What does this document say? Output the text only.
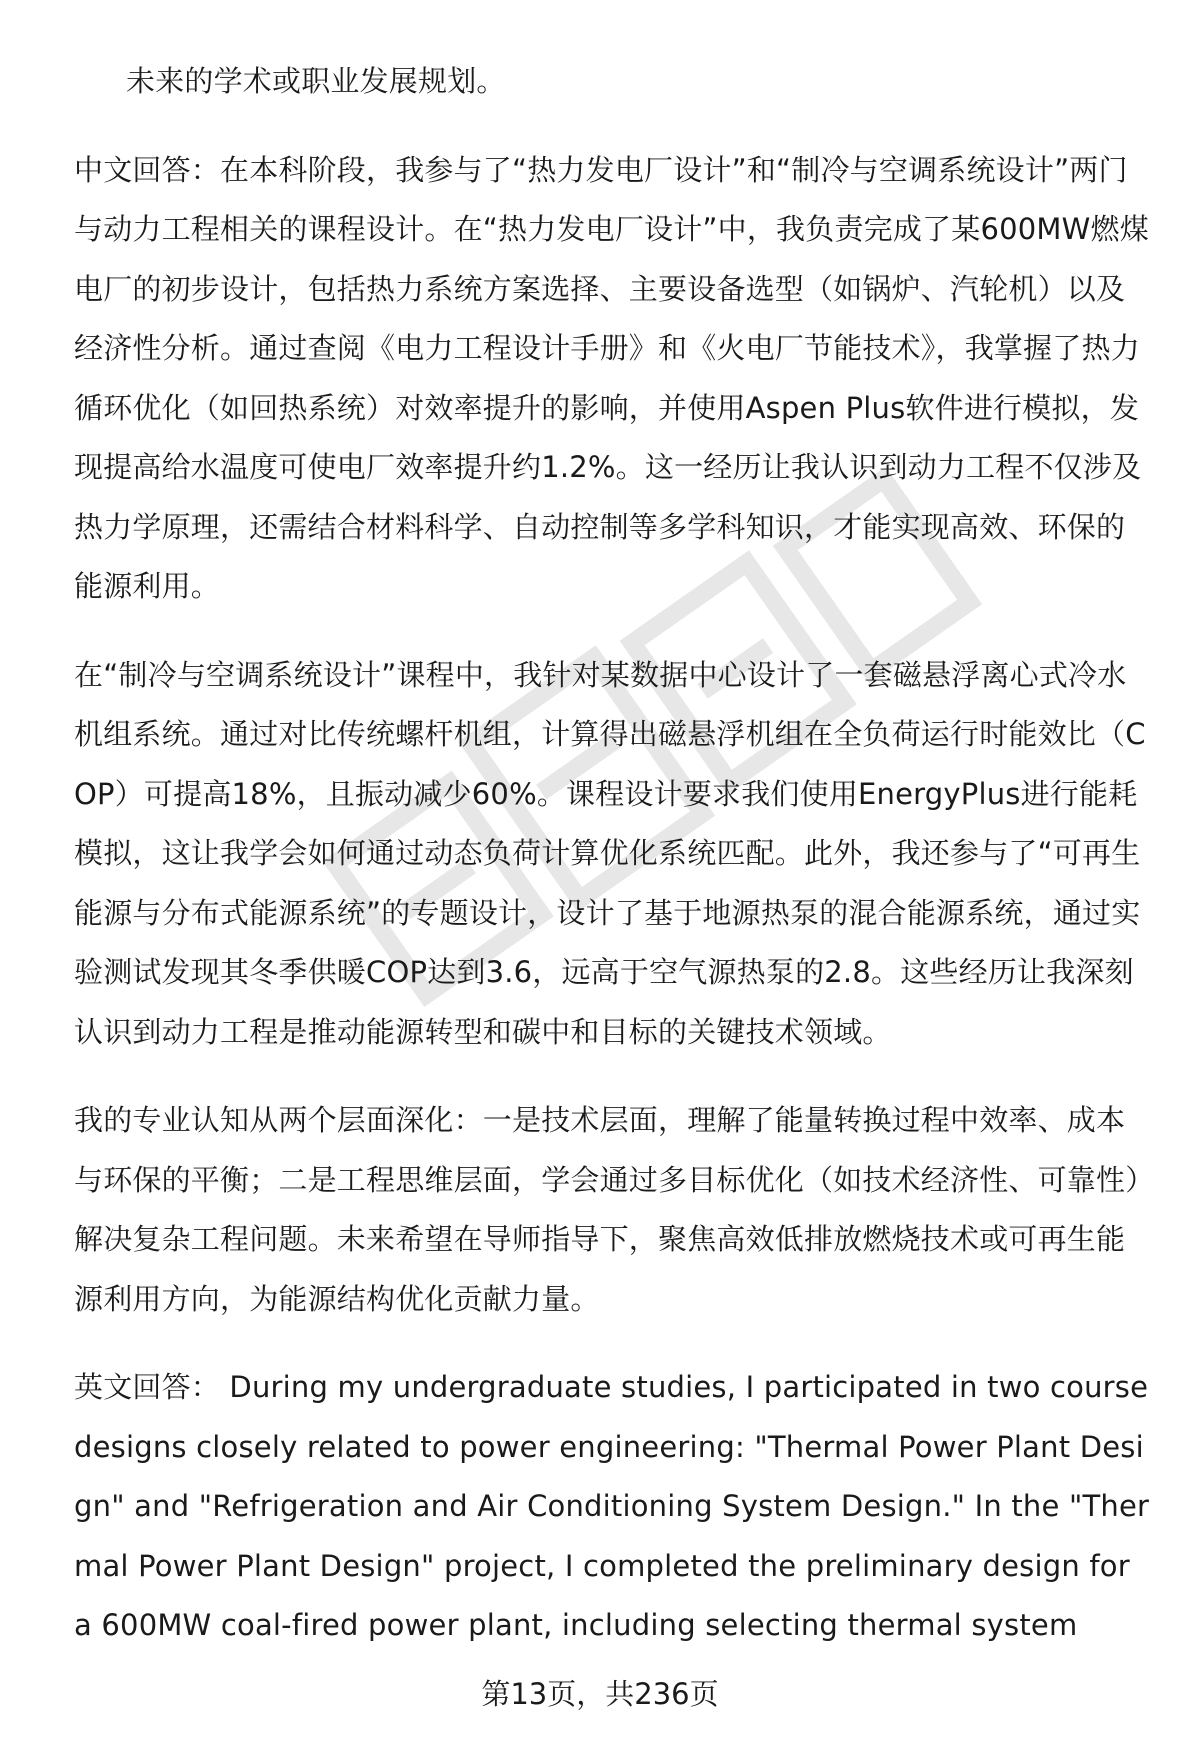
未来的学术或职业发展规划。

中文回答：在本科阶段，我参与了“热力发电厂设计”和“制冷与空调系统设计”两门与动力工程相关的课程设计。在“热力发电厂设计”中，我负责完成了某600MW燃煤电厂的初步设计，包括热力系统方案选择、主要设备选型（如锅炉、汽轮机）以及经济性分析。通过查阅《电力工程设计手册》和《火电厂节能技术》，我掌握了热力循环优化（如回热系统）对效率提升的影响，并使用Aspen Plus软件进行模拟，发现提高给水温度可使电厂效率提升约1.2%。这一经历让我认识到动力工程不仅涉及热力学原理，还需结合材料科学、自动控制等多学科知识，才能实现高效、环保的能源利用。

在“制冷与空调系统设计”课程中，我针对某数据中心设计了一套磁悬浮离心式冷水机组系统。通过对比传统螺杆机组，计算得出磁悬浮机组在全负荷运行时能效比（COP）可提高18%，且振动减少60%。课程设计要求我们使用EnergyPlus进行能耗模拟，这让我学会如何通过动态负荷计算优化系统匹配。此外，我还参与了“可再生能源与分布式能源系统”的专题设计，设计了基于地源热泵的混合能源系统，通过实验测试发现其冬季供暖COP达到3.6，远高于空气源热泵的2.8。这些经历让我深刻认识到动力工程是推动能源转型和碳中和目标的关键技术领域。

我的专业认知从两个层面深化：一是技术层面，理解了能量转换过程中效率、成本与环保的平衡；二是工程思维层面，学会通过多目标优化（如技术经济性、可靠性）解决复杂工程问题。未来希望在导师指导下，聚焦高效低排放燃烧技术或可再生能源利用方向，为能源结构优化贡献力量。

英文回答： During my undergraduate studies, I participated in two course designs closely related to power engineering: "Thermal Power Plant Design" and "Refrigeration and Air Conditioning System Design." In the "Thermal Power Plant Design" project, I completed the preliminary design for a 600MW coal-fired power plant, including selecting thermal system

第13页，共236页
